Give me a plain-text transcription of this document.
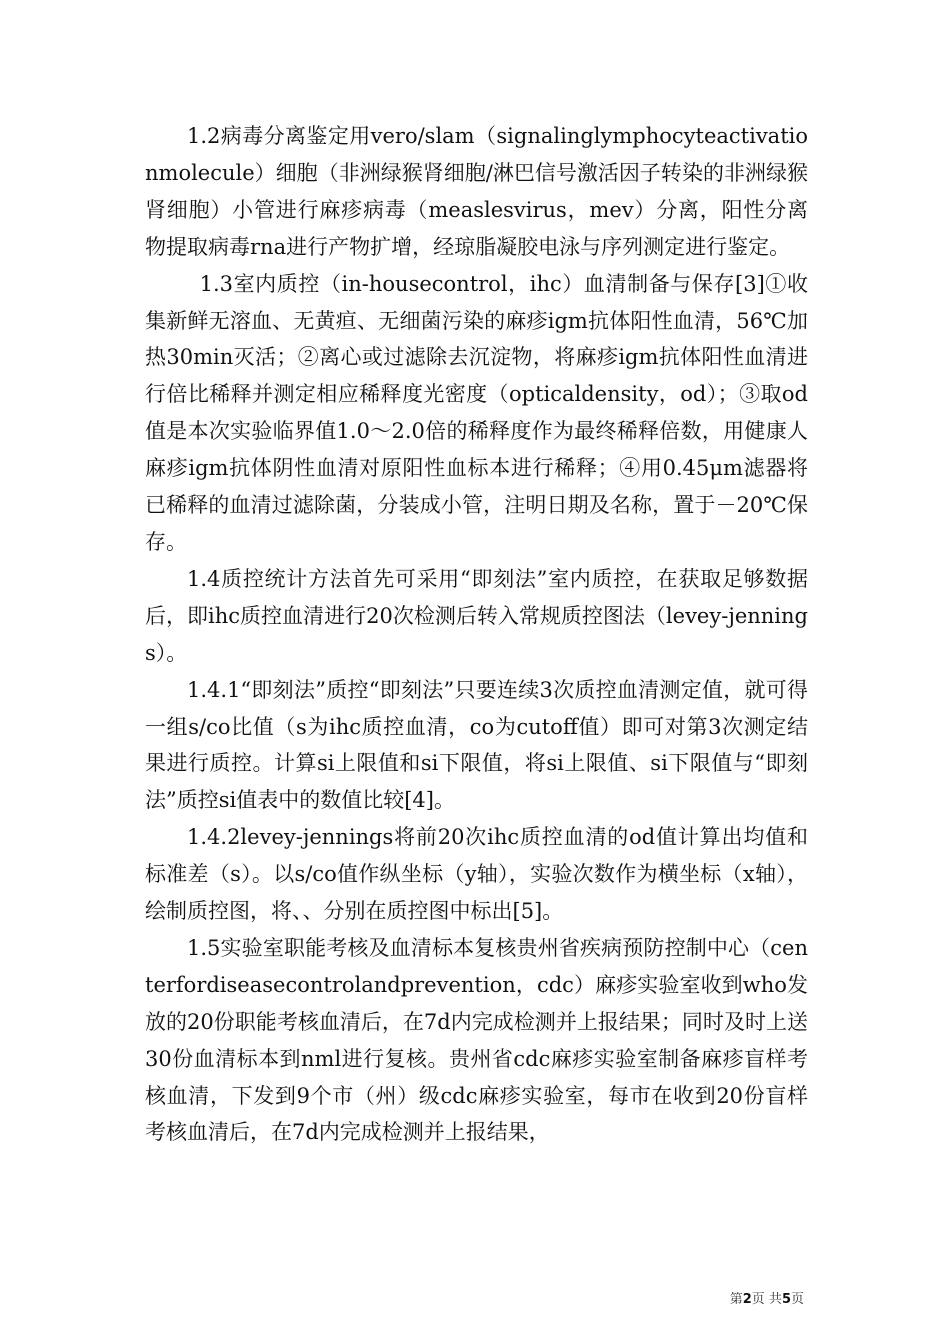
1.2病毒分离鉴定用vero/slam（signalinglymphocyteactivationmolecule）细胞（非洲绿猴肾细胞/淋巴信号激活因子转染的非洲绿猴肾细胞）小管进行麻疹病毒（measlesvirus，mev）分离，阳性分离物提取病毒rna进行产物扩增，经琼脂凝胶电泳与序列测定进行鉴定。

1.3室内质控（in-housecontrol，ihc）血清制备与保存[3]①收集新鲜无溶血、无黄疸、无细菌污染的麻疹igm抗体阳性血清，56℃加热30min灭活；②离心或过滤除去沉淀物，将麻疹igm抗体阳性血清进行倍比稀释并测定相应稀释度光密度（opticaldensity，od）；③取od值是本次实验临界值1.0～2.0倍的稀释度作为最终稀释倍数，用健康人麻疹igm抗体阴性血清对原阳性血标本进行稀释；④用0.45μm滤器将已稀释的血清过滤除菌，分装成小管，注明日期及名称，置于－20℃保存。

1.4质控统计方法首先可采用“即刻法”室内质控，在获取足够数据后，即ihc质控血清进行20次检测后转入常规质控图法（levey-jennings）。

1.4.1“即刻法”质控“即刻法”只要连续3次质控血清测定值，就可得一组s/co比值（s为ihc质控血清，co为cutoff值）即可对第3次测定结果进行质控。计算si上限值和si下限值，将si上限值、si下限值与“即刻法”质控si值表中的数值比较[4]。

1.4.2levey-jennings将前20次ihc质控血清的od值计算出均值和标准差（s）。以s/co值作纵坐标（y轴），实验次数作为横坐标（x轴），绘制质控图，将、、分别在质控图中标出[5]。

1.5实验室职能考核及血清标本复核贵州省疾病预防控制中心（centerfordiseasecontrolandprevention，cdc）麻疹实验室收到who发放的20份职能考核血清后，在7d内完成检测并上报结果；同时及时上送30份血清标本到nml进行复核。贵州省cdc麻疹实验室制备麻疹盲样考核血清，下发到9个市（州）级cdc麻疹实验室，每市在收到20份盲样考核血清后，在7d内完成检测并上报结果，

第2页 共5页
